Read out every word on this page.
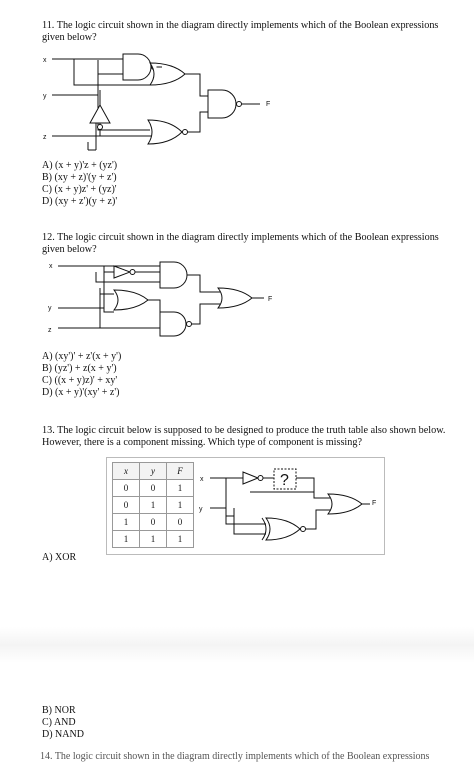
11. The logic circuit shown in the diagram directly implements which of the Boolean expressions given below?
x
y
z
F
A) (x + y)'z + (yz')
B) (xy + z)'(y + z')
C) (x + y)z' + (yz)'
D) (xy + z')(y + z)'
12. The logic circuit shown in the diagram directly implements which of the Boolean expressions given below?
x
y
z
F
A) (xy')' + z'(x + y')
B) (yz') + z(x + y')
C) ((x + y)z)' + xy'
D) (x + y)'(xy' + z')
13. The logic circuit below is supposed to be designed to produce the truth table also shown below. However, there is a component missing. Which type of component is missing?
x	y	F
0	0	1
0	1	1
1	0	0
1	1	1
x
y
F
?
A) XOR
B) NOR
C) AND
D) NAND
14. The logic circuit shown in the diagram directly implements which of the Boolean expressions
